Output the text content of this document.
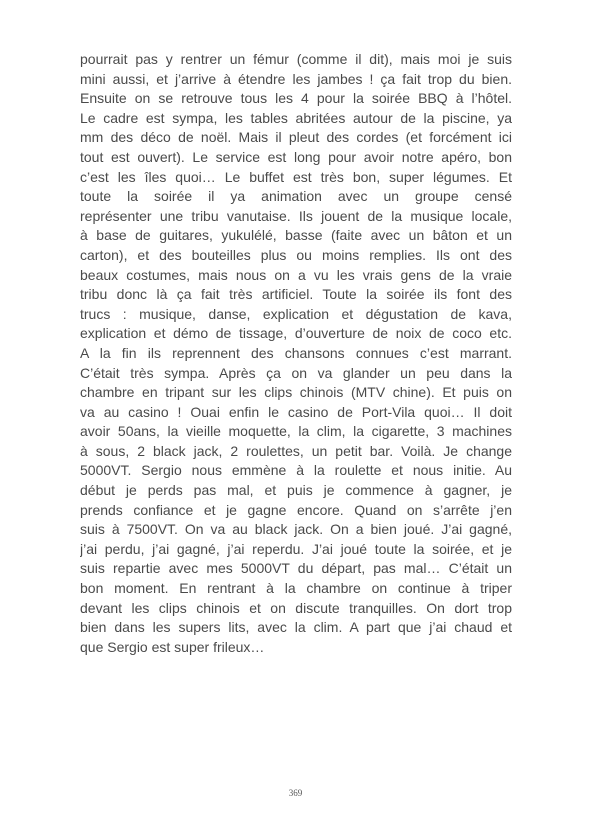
pourrait pas y rentrer un fémur (comme il dit), mais moi je suis
mini aussi, et j’arrive à étendre les jambes ! ça fait trop du bien.
Ensuite on se retrouve tous les 4 pour la soirée BBQ à l’hôtel.
Le cadre est sympa, les tables abritées autour de la piscine, ya
mm des déco de noël. Mais il pleut des cordes (et forcément ici
tout est ouvert). Le service est long pour avoir notre apéro, bon
c’est les îles quoi… Le buffet est très bon, super légumes. Et
toute la soirée il ya animation avec un groupe censé
représenter une tribu vanutaise. Ils jouent de la musique locale,
à base de guitares, yukulélé, basse (faite avec un bâton et un
carton), et des bouteilles plus ou moins remplies. Ils ont des
beaux costumes, mais nous on a vu les vrais gens de la vraie
tribu donc là ça fait très artificiel. Toute la soirée ils font des
trucs : musique, danse, explication et dégustation de kava,
explication et démo de tissage, d’ouverture de noix de coco etc.
A la fin ils reprennent des chansons connues c’est marrant.
C’était très sympa. Après ça on va glander un peu dans la
chambre en tripant sur les clips chinois (MTV chine). Et puis on
va au casino ! Ouai enfin le casino de Port-Vila quoi… Il doit
avoir 50ans, la vieille moquette, la clim, la cigarette, 3 machines
à sous, 2 black jack, 2 roulettes, un petit bar. Voilà. Je change
5000VT. Sergio nous emmène à la roulette et nous initie. Au
début je perds pas mal, et puis je commence à gagner, je
prends confiance et je gagne encore. Quand on s’arrête j’en
suis à 7500VT. On va au black jack. On a bien joué. J’ai gagné,
j’ai perdu, j’ai gagné, j’ai reperdu. J’ai joué toute la soirée, et je
suis repartie avec mes 5000VT du départ, pas mal… C’était un
bon moment. En rentrant à la chambre on continue à triper
devant les clips chinois et on discute tranquilles. On dort trop
bien dans les supers lits, avec la clim. A part que j’ai chaud et
que Sergio est super frileux…

369
